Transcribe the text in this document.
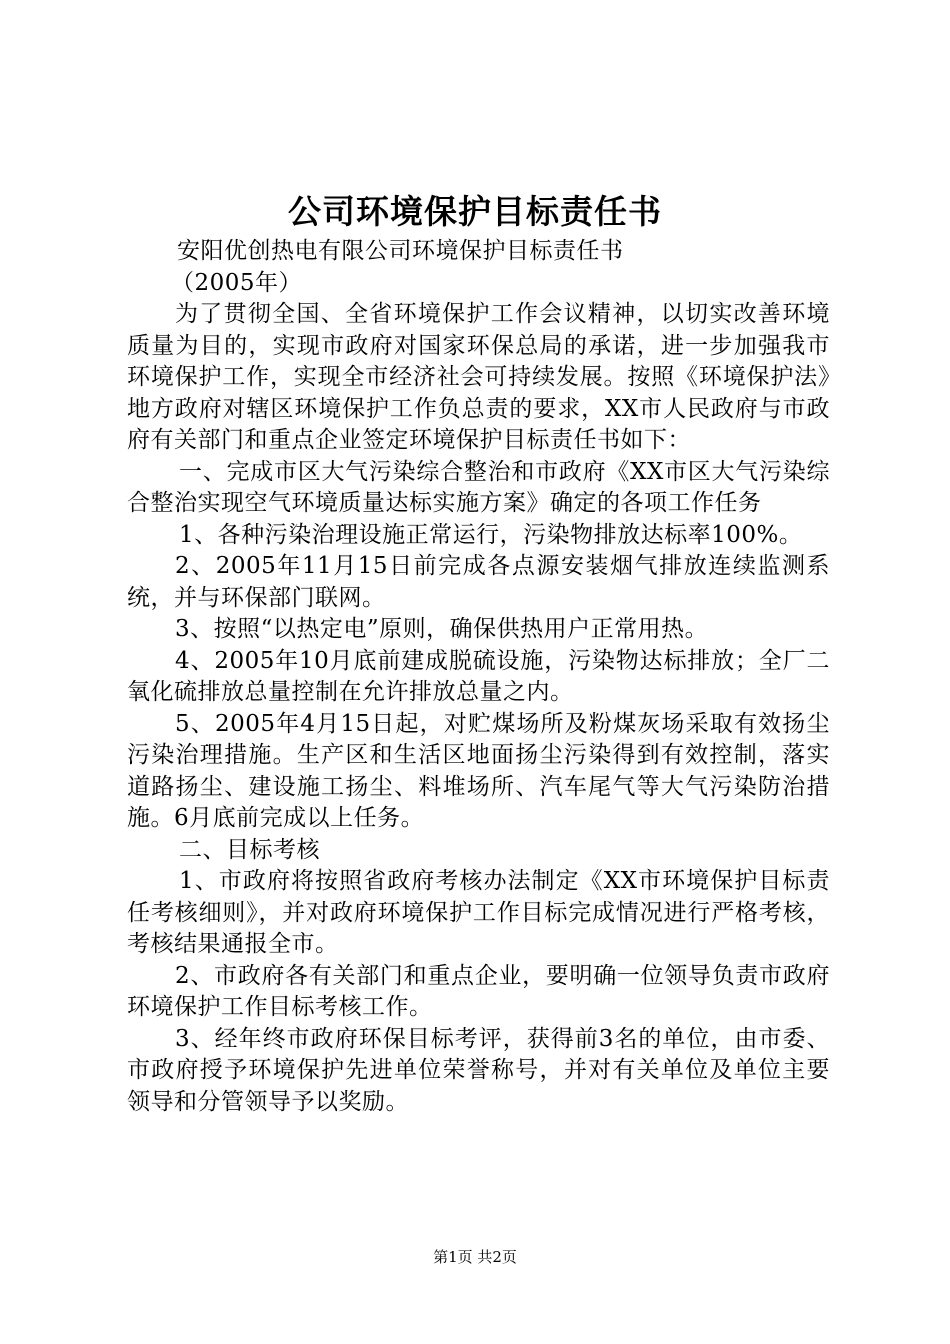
公司环境保护目标责任书

安阳优创热电有限公司环境保护目标责任书

（2005年）

为了贯彻全国、全省环境保护工作会议精神，以切实改善环境质量为目的，实现市政府对国家环保总局的承诺，进一步加强我市环境保护工作，实现全市经济社会可持续发展。按照《环境保护法》地方政府对辖区环境保护工作负总责的要求，XX市人民政府与市政府有关部门和重点企业签定环境保护目标责任书如下：

一、完成市区大气污染综合整治和市政府《XX市区大气污染综合整治实现空气环境质量达标实施方案》确定的各项工作任务

1、各种污染治理设施正常运行，污染物排放达标率100%。

2、2005年11月15日前完成各点源安装烟气排放连续监测系统，并与环保部门联网。

3、按照“以热定电”原则，确保供热用户正常用热。

4、2005年10月底前建成脱硫设施，污染物达标排放；全厂二氧化硫排放总量控制在允许排放总量之内。

5、2005年4月15日起，对贮煤场所及粉煤灰场采取有效扬尘污染治理措施。生产区和生活区地面扬尘污染得到有效控制，落实道路扬尘、建设施工扬尘、料堆场所、汽车尾气等大气污染防治措施。6月底前完成以上任务。

二、目标考核

1、市政府将按照省政府考核办法制定《XX市环境保护目标责任考核细则》，并对政府环境保护工作目标完成情况进行严格考核，考核结果通报全市。

2、市政府各有关部门和重点企业，要明确一位领导负责市政府环境保护工作目标考核工作。

3、经年终市政府环保目标考评，获得前3名的单位，由市委、市政府授予环境保护先进单位荣誉称号，并对有关单位及单位主要领导和分管领导予以奖励。

第1页 共2页
